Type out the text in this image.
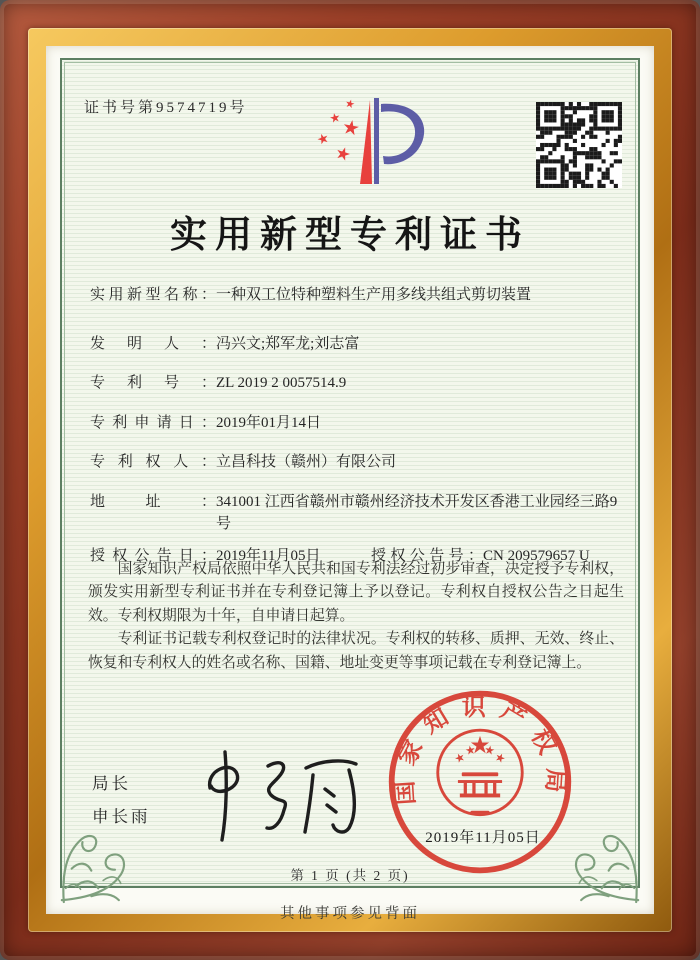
证书号第9574719号
实用新型专利证书
实用新型名称： 一种双工位特种塑料生产用多线共组式剪切装置
发明人： 冯兴文;郑军龙;刘志富
专利号： ZL 2019 2 0057514.9
专利申请日： 2019年01月14日
专利权人： 立昌科技（赣州）有限公司
地址： 341001 江西省赣州市赣州经济技术开发区香港工业园经三路9号
授权公告日： 2019年11月05日	授权公告号： CN 209579657 U

国家知识产权局依照中华人民共和国专利法经过初步审查，决定授予专利权，颁发实用新型专利证书并在专利登记簿上予以登记。专利权自授权公告之日起生效。专利权期限为十年，自申请日起算。

专利证书记载专利权登记时的法律状况。专利权的转移、质押、无效、终止、恢复和专利权人的姓名或名称、国籍、地址变更等事项记载在专利登记簿上。

局长
申长雨
国家知识产权局
2019年11月05日
第 1 页 (共 2 页)
其他事项参见背面
